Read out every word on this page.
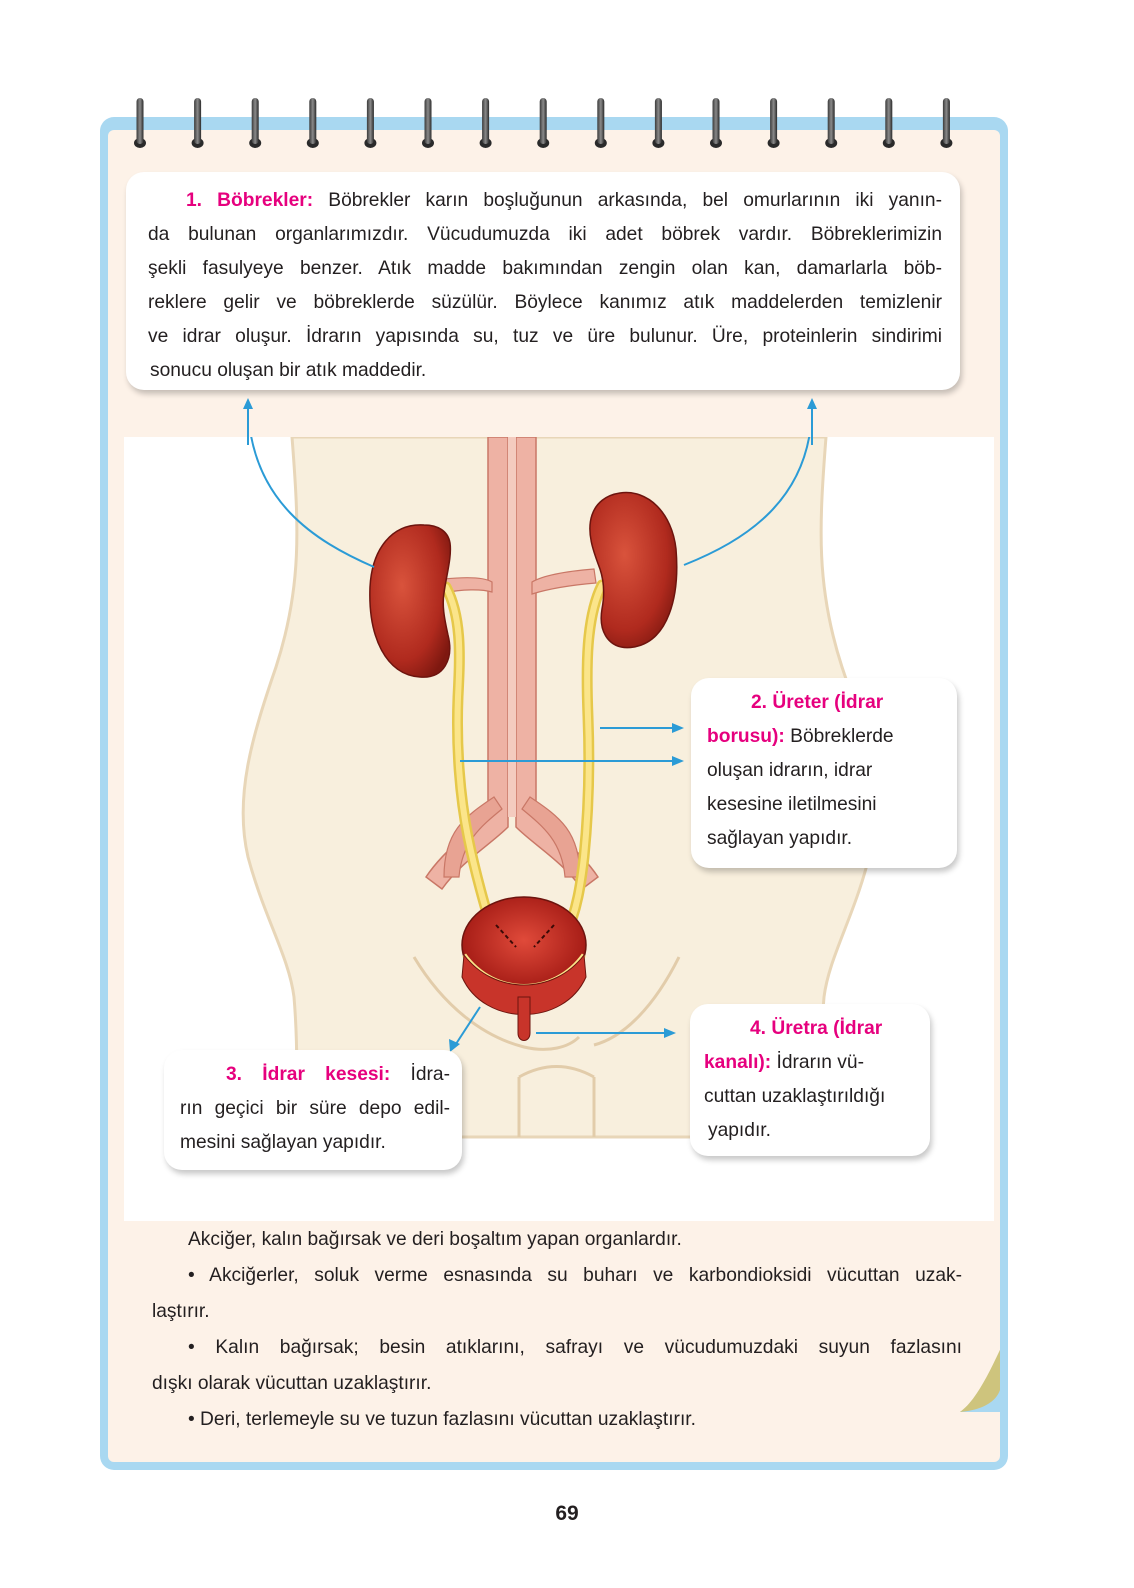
1. Böbrekler: Böbrekler karın boşluğunun arkasında, bel omurlarının iki yanın-

da bulunan organlarımızdır. Vücudumuzda iki adet böbrek vardır. Böbreklerimizin

şekli fasulyeye benzer. Atık madde bakımından zengin olan kan, damarlarla böb-

reklere gelir ve böbreklerde süzülür. Böylece kanımız atık maddelerden temizlenir

ve idrar oluşur. İdrarın yapısında su, tuz ve üre bulunur. Üre, proteinlerin sindirimi

sonucu oluşan bir atık maddedir.

2. Üreter (İdrar

borusu): Böbreklerde

oluşan idrarın, idrar

kesesine iletilmesini

sağlayan yapıdır.

3. İdrar kesesi: İdra-

rın geçici bir süre depo edil-

mesini sağlayan yapıdır.

4. Üretra (İdrar

kanalı): İdrarın vü-

cuttan uzaklaştırıldığı

yapıdır.

Akciğer, kalın bağırsak ve deri boşaltım yapan organlardır.

• Akciğerler, soluk verme esnasında su buharı ve karbondioksidi vücuttan uzak-

laştırır.

• Kalın bağırsak; besin atıklarını, safrayı ve vücudumuzdaki suyun fazlasını

dışkı olarak vücuttan uzaklaştırır.

• Deri, terlemeyle su ve tuzun fazlasını vücuttan uzaklaştırır.

69
